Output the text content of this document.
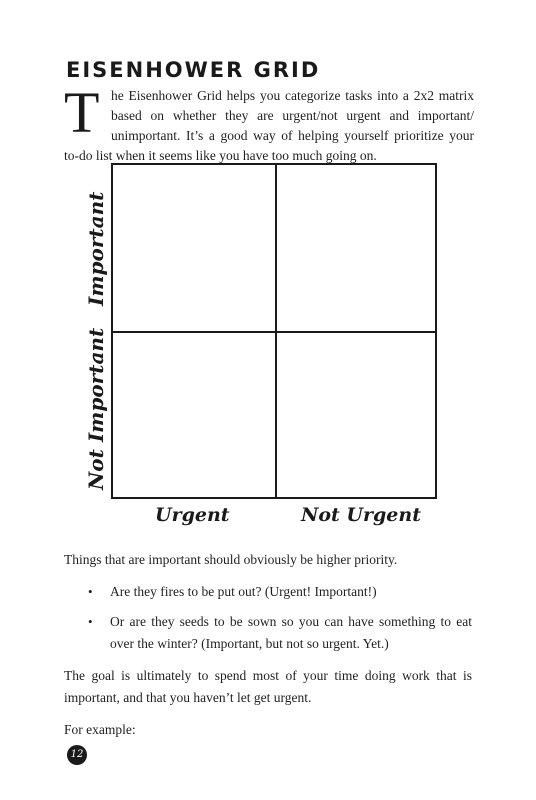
EISENHOWER GRID
T he Eisenhower Grid helps you categorize tasks into a 2x2 matrix
based on whether they are urgent/not urgent and important/
unimportant. It’s a good way of helping yourself prioritize your
to-do list when it seems like you have too much going on.
Important
Not Important
Urgent	Not Urgent
Things that are important should obviously be higher priority.
• Are they fires to be put out? (Urgent! Important!)
• Or are they seeds to be sown so you can have something to eat
over the winter? (Important, but not so urgent. Yet.)
The goal is ultimately to spend most of your time doing work that is
important, and that you haven’t let get urgent.
For example:
12
